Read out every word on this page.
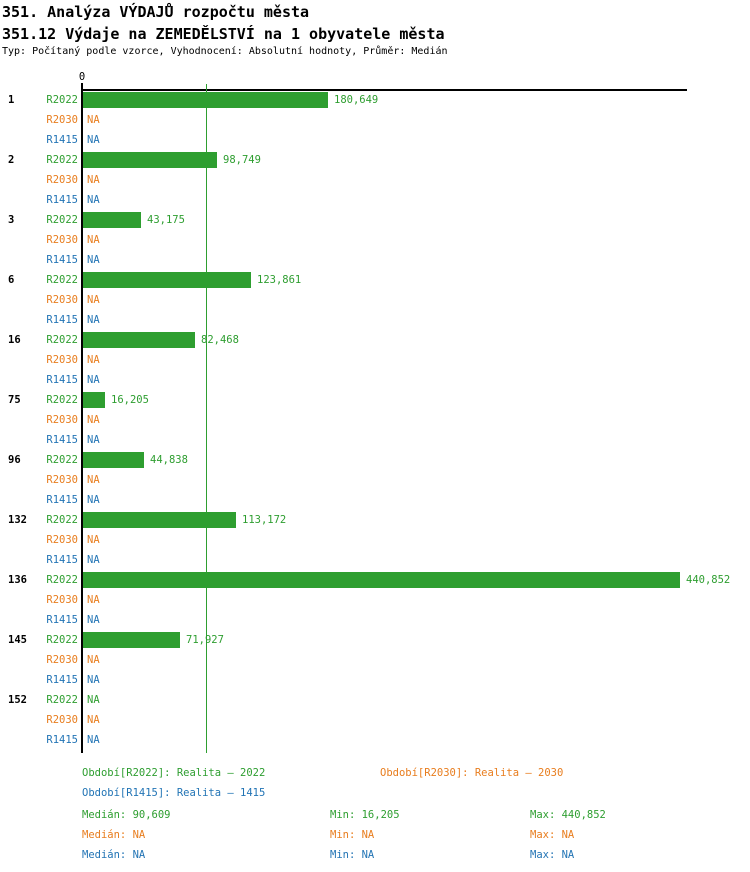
351. Analýza VÝDAJŮ rozpočtu města
351.12 Výdaje na ZEMEDĚLSTVÍ na 1 obyvatele města
Typ: Počítaný podle vzorce, Vyhodnocení: Absolutní hodnoty, Průměr: Medián
0
1	R2022	180,649
R2030 NA
R1415 NA
2	R2022	98,749
R2030 NA
R1415 NA
3	R2022	43,175
R2030 NA
R1415 NA
6	R2022	123,861
R2030 NA
R1415 NA
16 R2022	82,468
R2030 NA
R1415 NA
75 R2022	16,205
R2030 NA
R1415 NA
96 R2022	44,838
R2030 NA
R1415 NA
132 R2022	113,172
R2030 NA
R1415 NA
136 R2022	440,852
R2030 NA
R1415 NA
145 R2022	71,927
R2030 NA
R1415 NA
152 R2022 NA
R2030 NA
R1415 NA
Období[R2022]: Realita – 2022	Období[R2030]: Realita – 2030
Období[R1415]: Realita – 1415
Medián: 90,609	Min: 16,205	Max: 440,852
Medián: NA	Min: NA	Max: NA
Medián: NA	Min: NA	Max: NA
